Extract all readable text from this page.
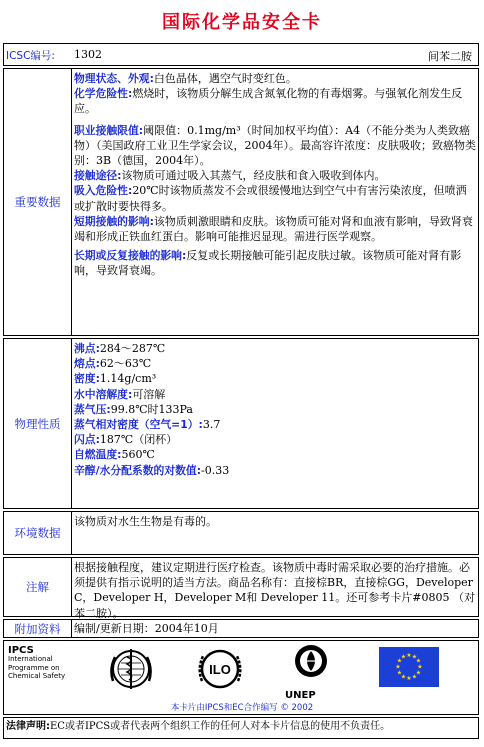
国际化学品安全卡
ICSC编号: 1302	间苯二胺
重要数据

物理状态、外观:白色晶体，遇空气时变红色。

化学危险性:燃烧时，该物质分解生成含氮氧化物的有毒烟雾。与强氧化剂发生反应。

职业接触限值:阈限值：0.1mg/m³（时间加权平均值）：A4（不能分类为人类致癌物）（美国政府工业卫生学家会议，2004年）。最高容许浓度：皮肤吸收；致癌物类别：3B（德国，2004年）。

接触途径:该物质可通过吸入其蒸气，经皮肤和食入吸收到体内。

吸入危险性:20℃时该物质蒸发不会或很缓慢地达到空气中有害污染浓度，但喷洒或扩散时要快得多。

短期接触的影响:该物质刺激眼睛和皮肤。该物质可能对肾和血液有影响，导致肾衰竭和形成正铁血红蛋白。影响可能推迟显现。需进行医学观察。

长期或反复接触的影响:反复或长期接触可能引起皮肤过敏。该物质可能对肾有影响，导致肾衰竭。

物理性质
沸点:284～287℃
熔点:62～63℃
密度:1.14g/cm³
水中溶解度:可溶解
蒸气压:99.8℃时133Pa
蒸气相对密度（空气=1）:3.7
闪点:187℃（闭杯）
自燃温度:560℃
辛醇/水分配系数的对数值:-0.33
环境数据
该物质对水生生物是有毒的。
注解
根据接触程度，建议定期进行医疗检查。该物质中毒时需采取必要的治疗措施。必须提供有指示说明的适当方法。商品名称有：直接棕BR，直接棕GG，Developer C，Developer H，Developer M和 Developer 11。还可参考卡片#0805 （对苯二胺）。
附加资料	编制/更新日期：2004年10月
IPCS
International
Programme on
Chemical Safety	ILO
UNEP
★ ★
★
★
★
★
★
★
★
★
★
★
本卡片由IPCS和EC合作编写 © 2002
法律声明:EC或者IPCS或者代表两个组织工作的任何人对本卡片信息的使用不负责任。
